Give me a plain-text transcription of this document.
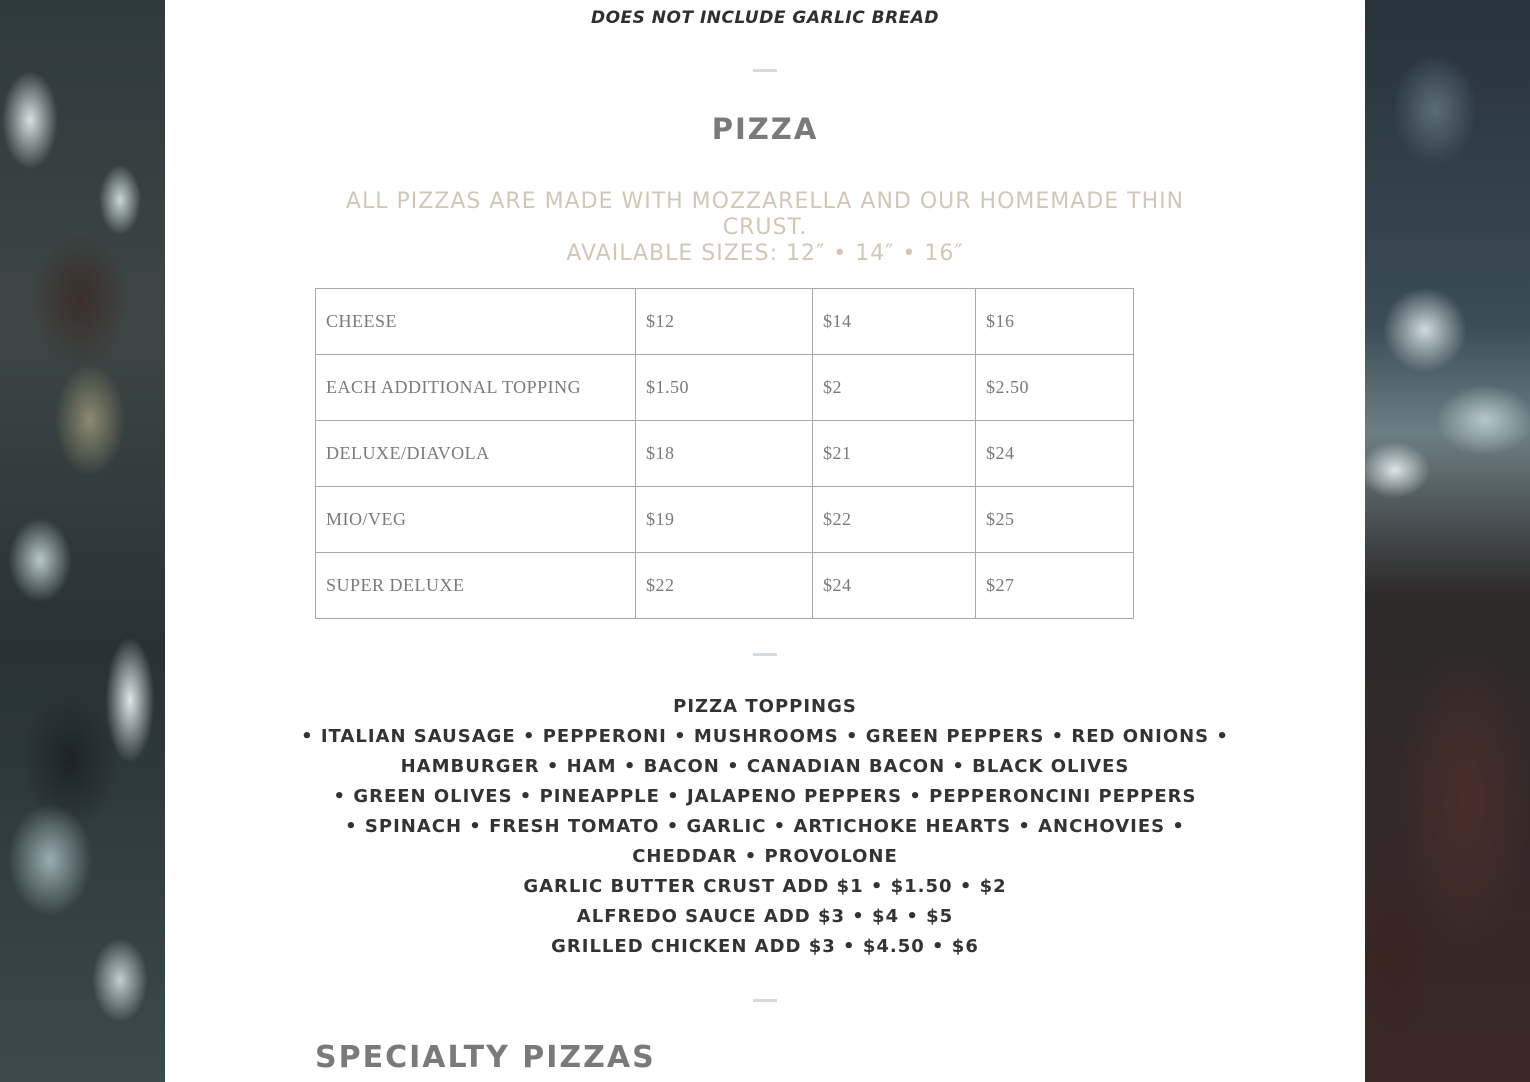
DOES NOT INCLUDE GARLIC BREAD
PIZZA
ALL PIZZAS ARE MADE WITH MOZZARELLA AND OUR HOMEMADE THIN CRUST.
AVAILABLE SIZES: 12″ • 14″ • 16″
CHEESE	$12	$14	$16
EACH ADDITIONAL TOPPING	$1.50	$2	$2.50
DELUXE/DIAVOLA	$18	$21	$24
MIO/VEG	$19	$22	$25
SUPER DELUXE	$22	$24	$27
PIZZA TOPPINGS
• ITALIAN SAUSAGE • PEPPERONI • MUSHROOMS • GREEN PEPPERS • RED ONIONS •
HAMBURGER • HAM • BACON • CANADIAN BACON • BLACK OLIVES
• GREEN OLIVES • PINEAPPLE • JALAPENO PEPPERS • PEPPERONCINI PEPPERS
• SPINACH • FRESH TOMATO • GARLIC • ARTICHOKE HEARTS • ANCHOVIES •
CHEDDAR • PROVOLONE
GARLIC BUTTER CRUST ADD $1 • $1.50 • $2
ALFREDO SAUCE ADD $3 • $4 • $5
GRILLED CHICKEN ADD $3 • $4.50 • $6
SPECIALTY PIZZAS
